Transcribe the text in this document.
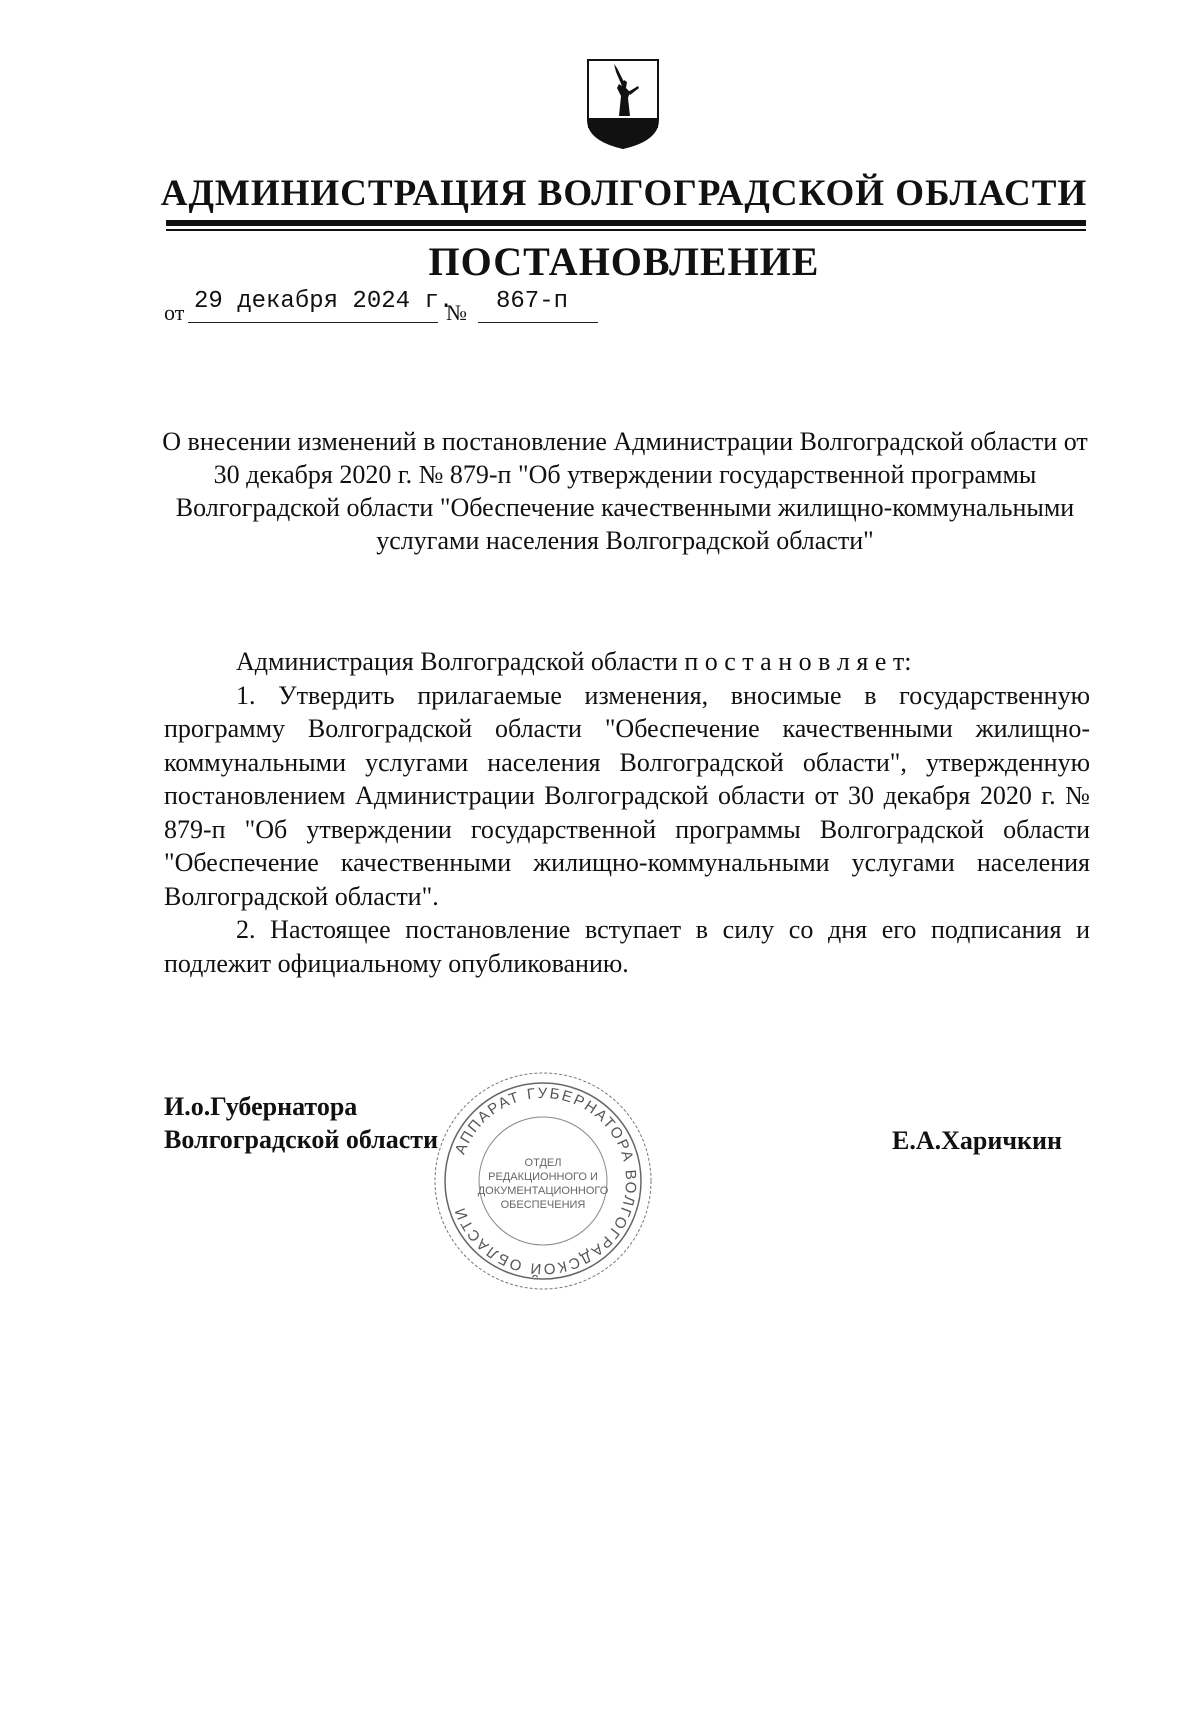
АДМИНИСТРАЦИЯ ВОЛГОГРАДСКОЙ ОБЛАСТИ
ПОСТАНОВЛЕНИЕ
от 29 декабря 2024 г.
№ 867-п
О внесении изменений в постановление Администрации Волгоградской области от 30 декабря 2020 г. № 879-п "Об утверждении государственной программы Волгоградской области "Обеспечение качественными жилищно-коммунальными услугами населения Волгоградской области"

Администрация Волгоградской области п о с т а н о в л я е т:

1. Утвердить прилагаемые изменения, вносимые в государственную программу Волгоградской области "Обеспечение качественными жилищно-коммунальными услугами населения Волгоградской области", утвержденную постановлением Администрации Волгоградской области от 30 декабря 2020 г. № 879-п "Об утверждении государственной программы Волгоградской области "Обеспечение качественными жилищно-коммунальными услугами населения Волгоградской области".

2. Настоящее постановление вступает в силу со дня его подписания и подлежит официальному опубликованию.

И.о.Губернатора
Волгоградской области	Е.А.Харичкин
АППАРАТ ГУБЕРНАТОРА ВОЛГОГРАДСКОЙ ОБЛАСТИ
ОТДЕЛ
РЕДАКЦИОННОГО И
ДОКУМЕНТАЦИОННОГО
ОБЕСПЕЧЕНИЯ
